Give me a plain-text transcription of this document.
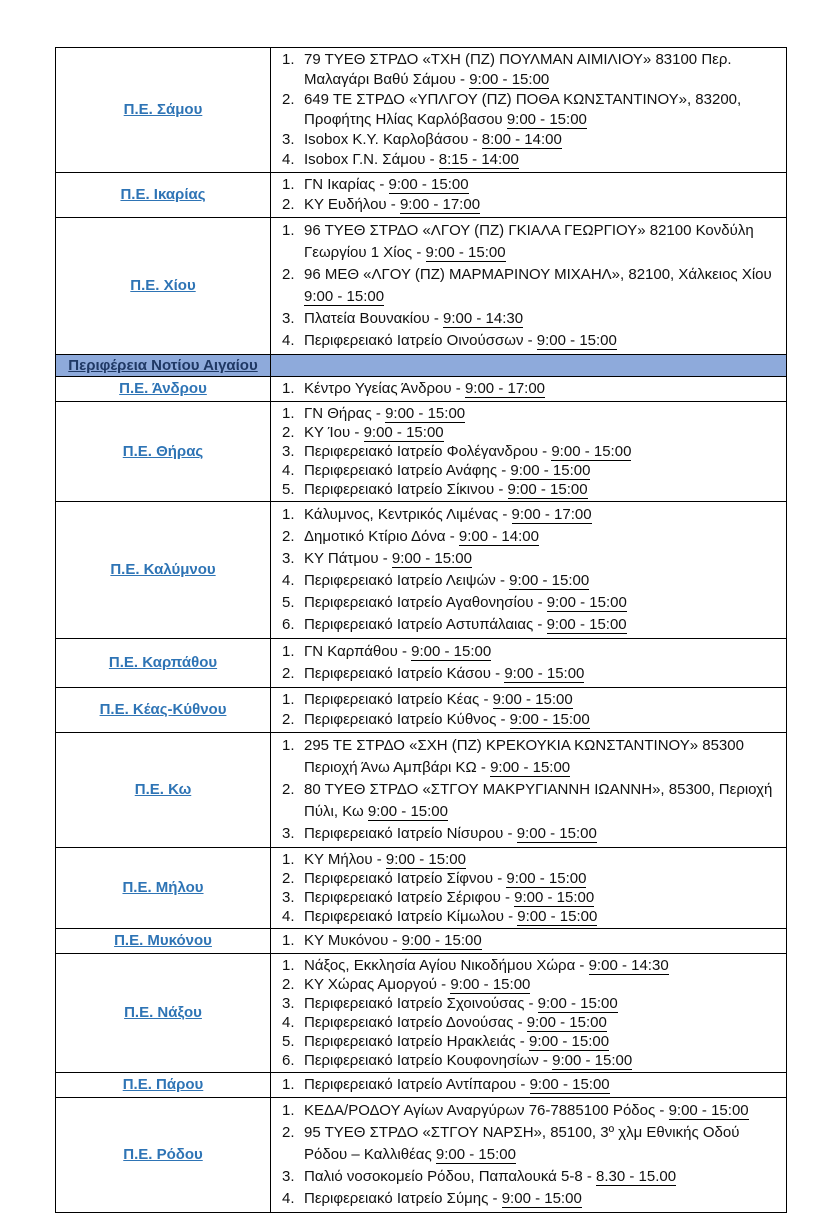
Π.Ε. Σάμου	
79 ΤΥΕΘ ΣΤΡΔΟ «ΤΧΗ (ΠΖ) ΠΟΥΛΜΑΝ ΑΙΜΙΛΙΟΥ» 83100 Περ. Μαλαγάρι Βαθύ Σάμου - 9:00 - 15:00
649 ΤΕ ΣΤΡΔΟ «ΥΠΛΓΟΥ (ΠΖ) ΠΟΘΑ ΚΩΝΣΤΑΝΤΙΝΟΥ», 83200, Προφήτης Ηλίας Καρλόβασου 9:00 - 15:00
Isobox Κ.Υ. Καρλοβάσου - 8:00 - 14:00
Isobox Γ.Ν. Σάμου - 8:15 - 14:00

Π.Ε. Ικαρίας	
ΓΝ Ικαρίας - 9:00 - 15:00
ΚΥ Ευδήλου - 9:00 - 17:00

Π.Ε. Χίου	
96 ΤΥΕΘ ΣΤΡΔΟ «ΛΓΟΥ (ΠΖ) ΓΚΙΑΛΑ ΓΕΩΡΓΙΟΥ» 82100 Κονδύλη Γεωργίου 1 Χίος - 9:00 - 15:00
96 ΜΕΘ «ΛΓΟΥ (ΠΖ) ΜΑΡΜΑΡΙΝΟΥ ΜΙΧΑΗΛ», 82100, Χάλκειος Χίου 9:00 - 15:00
Πλατεία Βουνακίου - 9:00 - 14:30
Περιφερειακό Ιατρείο Οινούσσων - 9:00 - 15:00

Περιφέρεια Νοτίου Αιγαίου	

Π.Ε. Άνδρου	Κέντρο Υγείας Άνδρου - 9:00 - 17:00

Π.Ε. Θήρας	
ΓΝ Θήρας - 9:00 - 15:00
ΚΥ Ίου - 9:00 - 15:00
Περιφερειακό Ιατρείο Φολέγανδρου - 9:00 - 15:00
Περιφερειακό Ιατρείο Ανάφης - 9:00 - 15:00
Περιφερειακό Ιατρείο Σίκινου - 9:00 - 15:00

Π.Ε. Καλύμνου	
Κάλυμνος, Κεντρικός Λιμένας - 9:00 - 17:00
Δημοτικό Κτίριο Δόνα - 9:00 - 14:00
ΚΥ Πάτμου - 9:00 - 15:00
Περιφερειακό Ιατρείο Λειψών - 9:00 - 15:00
Περιφερειακό Ιατρείο Αγαθονησίου - 9:00 - 15:00
Περιφερειακό Ιατρείο Αστυπάλαιας - 9:00 - 15:00

Π.Ε. Καρπάθου	
ΓΝ Καρπάθου - 9:00 - 15:00
Περιφερειακό Ιατρείο Κάσου - 9:00 - 15:00

Π.Ε. Κέας-Κύθνου	
Περιφερειακό Ιατρείο Κέας - 9:00 - 15:00
Περιφερειακό Ιατρείο Κύθνος - 9:00 - 15:00

Π.Ε. Κω	
295 ΤΕ ΣΤΡΔΟ «ΣΧΗ (ΠΖ) ΚΡΕΚΟΥΚΙΑ ΚΩΝΣΤΑΝΤΙΝΟΥ» 85300 Περιοχή Άνω Αμπβάρι ΚΩ - 9:00 - 15:00
80 ΤΥΕΘ ΣΤΡΔΟ «ΣΤΓΟΥ ΜΑΚΡΥΓΙΑΝΝΗ ΙΩΑΝΝΗ», 85300, Περιοχή Πύλι, Κω 9:00 - 15:00
Περιφερειακό Ιατρείο Νίσυρου - 9:00 - 15:00

Π.Ε. Μήλου	
ΚΥ Μήλου - 9:00 - 15:00
Περιφερειακό Ιατρείο Σίφνου - 9:00 - 15:00
Περιφερειακό Ιατρείο Σέριφου - 9:00 - 15:00
Περιφερειακό Ιατρείο Κίμωλου - 9:00 - 15:00

Π.Ε. Μυκόνου	ΚΥ Μυκόνου - 9:00 - 15:00

Π.Ε. Νάξου	
Νάξος, Εκκλησία Αγίου Νικοδήμου Χώρα - 9:00 - 14:30
ΚΥ Χώρας Αμοργού - 9:00 - 15:00
Περιφερειακό Ιατρείο Σχοινούσας - 9:00 - 15:00
Περιφερειακό Ιατρείο Δονούσας - 9:00 - 15:00
Περιφερειακό Ιατρείο Ηρακλειάς - 9:00 - 15:00
Περιφερειακό Ιατρείο Κουφονησίων - 9:00 - 15:00

Π.Ε. Πάρου	Περιφερειακό Ιατρείο Αντίπαρου - 9:00 - 15:00

Π.Ε. Ρόδου	
ΚΕΔΑ/ΡΟΔΟΥ Αγίων Αναργύρων 76-7885100 Ρόδος - 9:00 - 15:00
95 ΤΥΕΘ ΣΤΡΔΟ «ΣΤΓΟΥ ΝΑΡΣΗ», 85100, 3º χλμ Εθνικής Οδού Ρόδου – Καλλιθέας 9:00 - 15:00
Παλιό νοσοκομείο Ρόδου, Παπαλουκά 5-8 - 8.30 - 15.00
Περιφερειακό Ιατρείο Σύμης - 9:00 - 15:00
